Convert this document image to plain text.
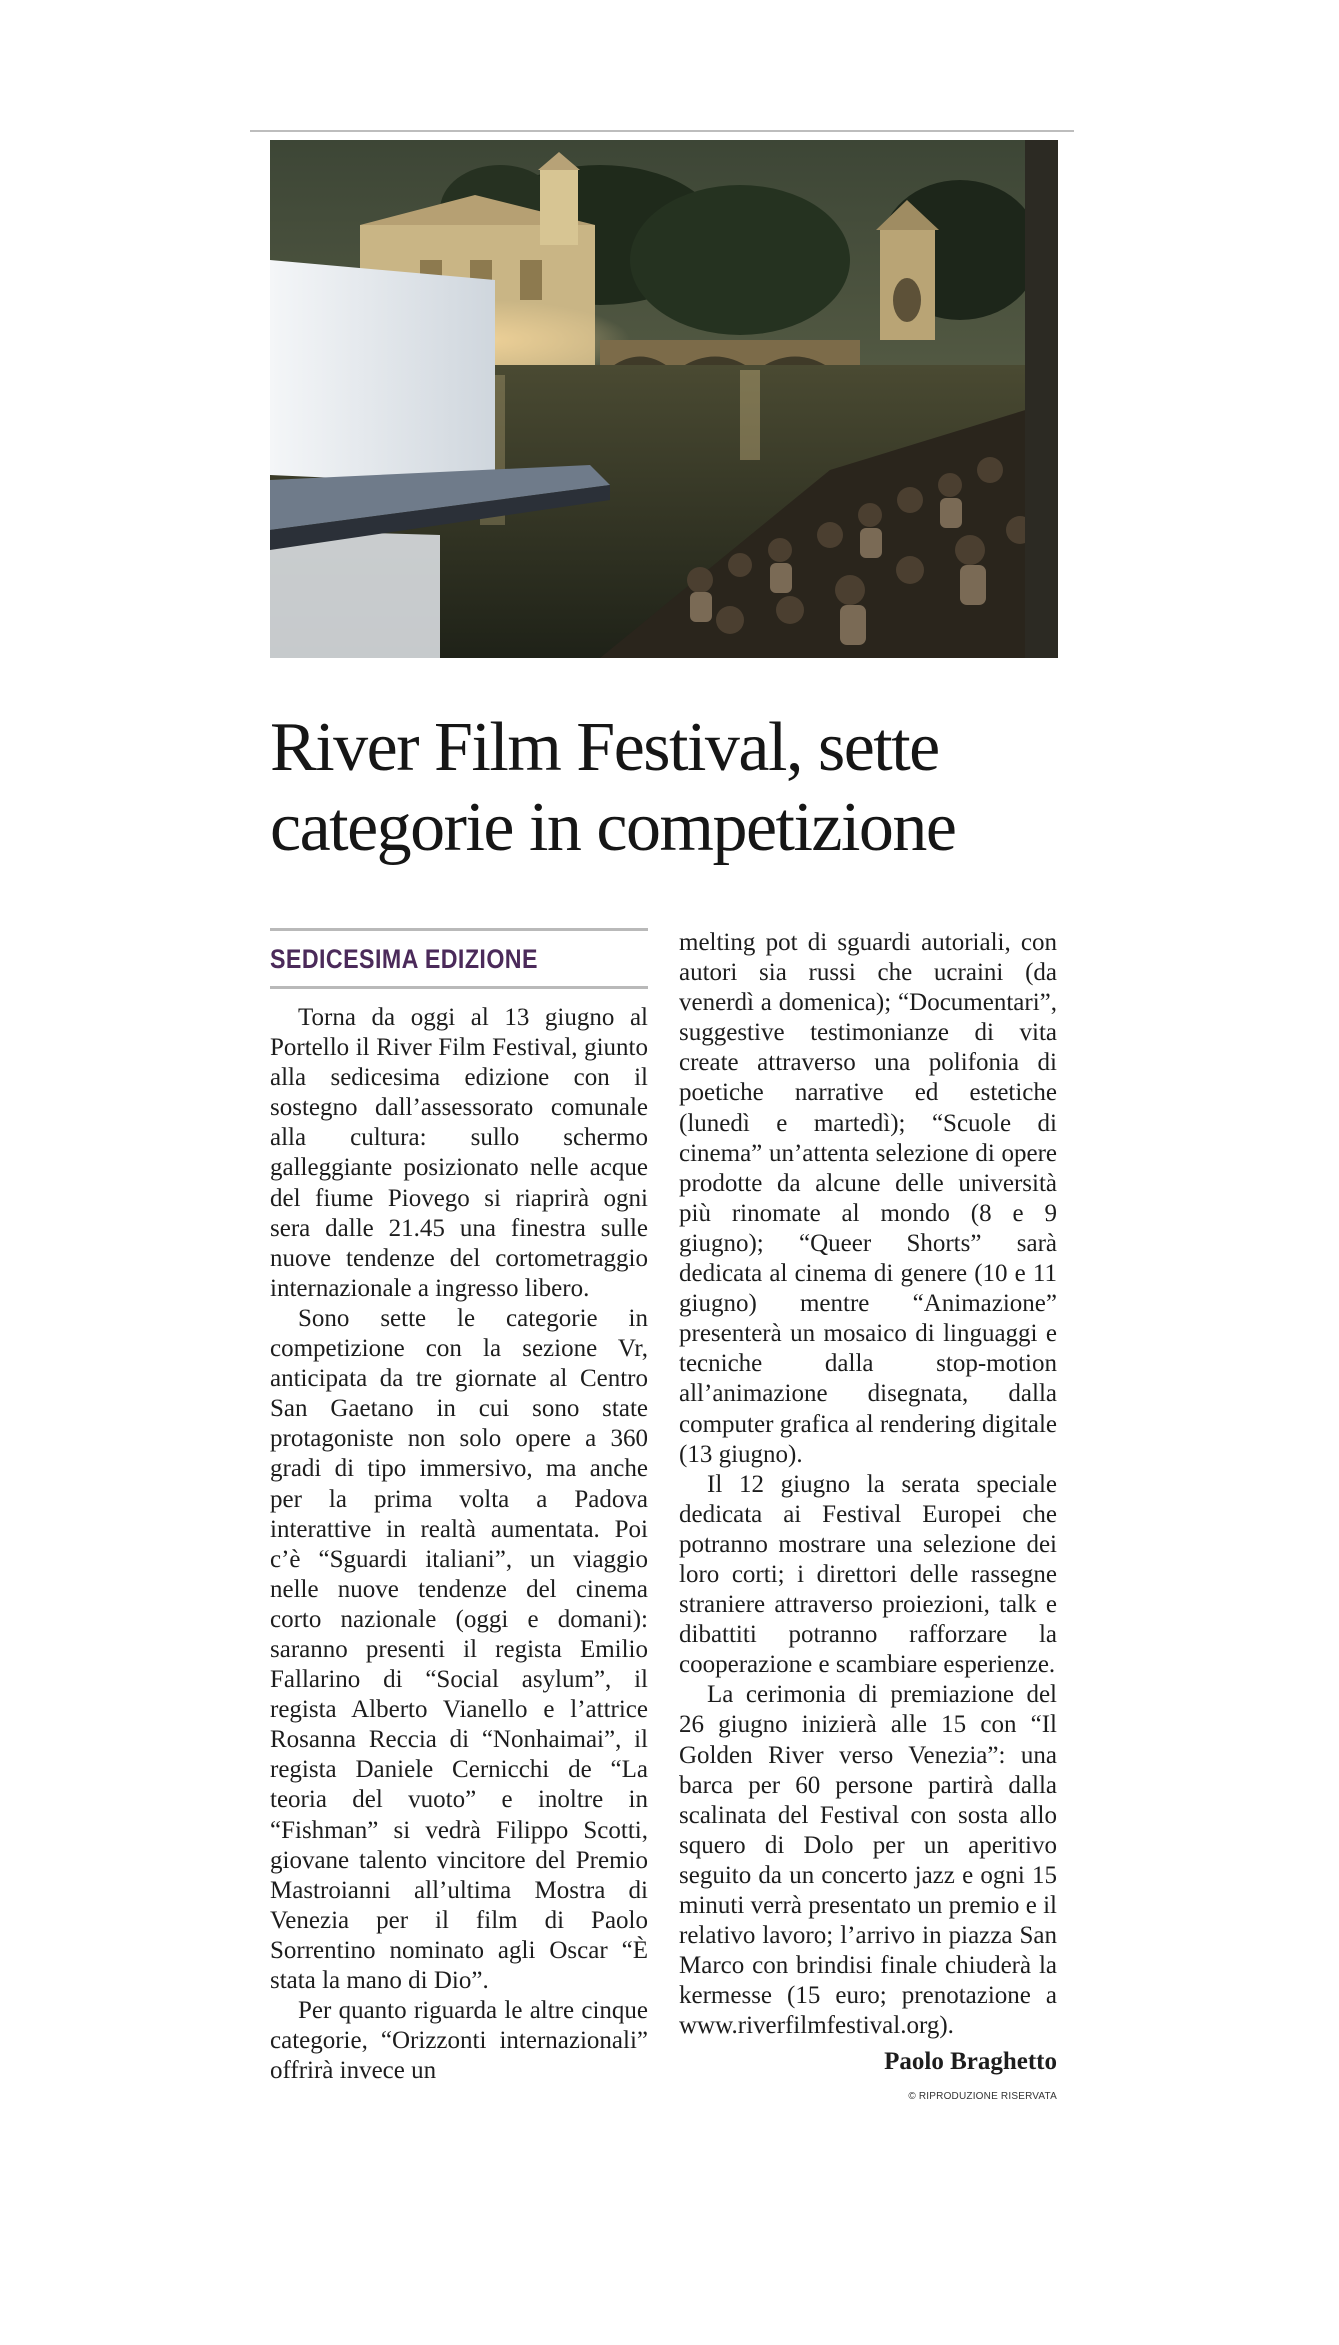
River Film Festival, sette categorie in competizione
SEDICESIMA EDIZIONE

Torna da oggi al 13 giugno al Portello il River Film Festival, giunto alla sedicesima edizione con il sostegno dall’assessorato comunale alla cultura: sullo schermo galleggiante posizionato nelle acque del fiume Piovego si riaprirà ogni sera dalle 21.45 una finestra sulle nuove tendenze del cortometraggio internazionale a ingresso libero.

Sono sette le categorie in competizione con la sezione Vr, anticipata da tre giornate al Centro San Gaetano in cui sono state protagoniste non solo opere a 360 gradi di tipo immersivo, ma anche per la prima volta a Padova interattive in realtà aumentata. Poi c’è “Sguardi italiani”, un viaggio nelle nuove tendenze del cinema corto nazionale (oggi e domani): saranno presenti il regista Emilio Fallarino di “Social asylum”, il regista Alberto Vianello e l’attrice Rosanna Reccia di “Nonhaimai”, il regista Daniele Cernicchi de “La teoria del vuoto” e inoltre in “Fishman” si vedrà Filippo Scotti, giovane talento vincitore del Premio Mastroianni all’ultima Mostra di Venezia per il film di Paolo Sorrentino nominato agli Oscar “È stata la mano di Dio”.

Per quanto riguarda le altre cinque categorie, “Orizzonti internazionali” offrirà invece un

melting pot di sguardi autoriali, con autori sia russi che ucraini (da venerdì a domenica); “Documentari”, suggestive testimonianze di vita create attraverso una polifonia di poetiche narrative ed estetiche (lunedì e martedì); “Scuole di cinema” un’attenta selezione di opere prodotte da alcune delle università più rinomate al mondo (8 e 9 giugno); “Queer Shorts” sarà dedicata al cinema di genere (10 e 11 giugno) mentre “Animazione” presenterà un mosaico di linguaggi e tecniche dalla stop-motion all’animazione disegnata, dalla computer grafica al rendering digitale (13 giugno).

Il 12 giugno la serata speciale dedicata ai Festival Europei che potranno mostrare una selezione dei loro corti; i direttori delle rassegne straniere attraverso proiezioni, talk e dibattiti potranno rafforzare la cooperazione e scambiare esperienze.

La cerimonia di premiazione del 26 giugno inizierà alle 15 con “Il Golden River verso Venezia”: una barca per 60 persone partirà dalla scalinata del Festival con sosta allo squero di Dolo per un aperitivo seguito da un concerto jazz e ogni 15 minuti verrà presentato un premio e il relativo lavoro; l’arrivo in piazza San Marco con brindisi finale chiuderà la kermesse (15 euro; prenotazione a www.riverfilmfestival.org).

Paolo Braghetto
© RIPRODUZIONE RISERVATA
